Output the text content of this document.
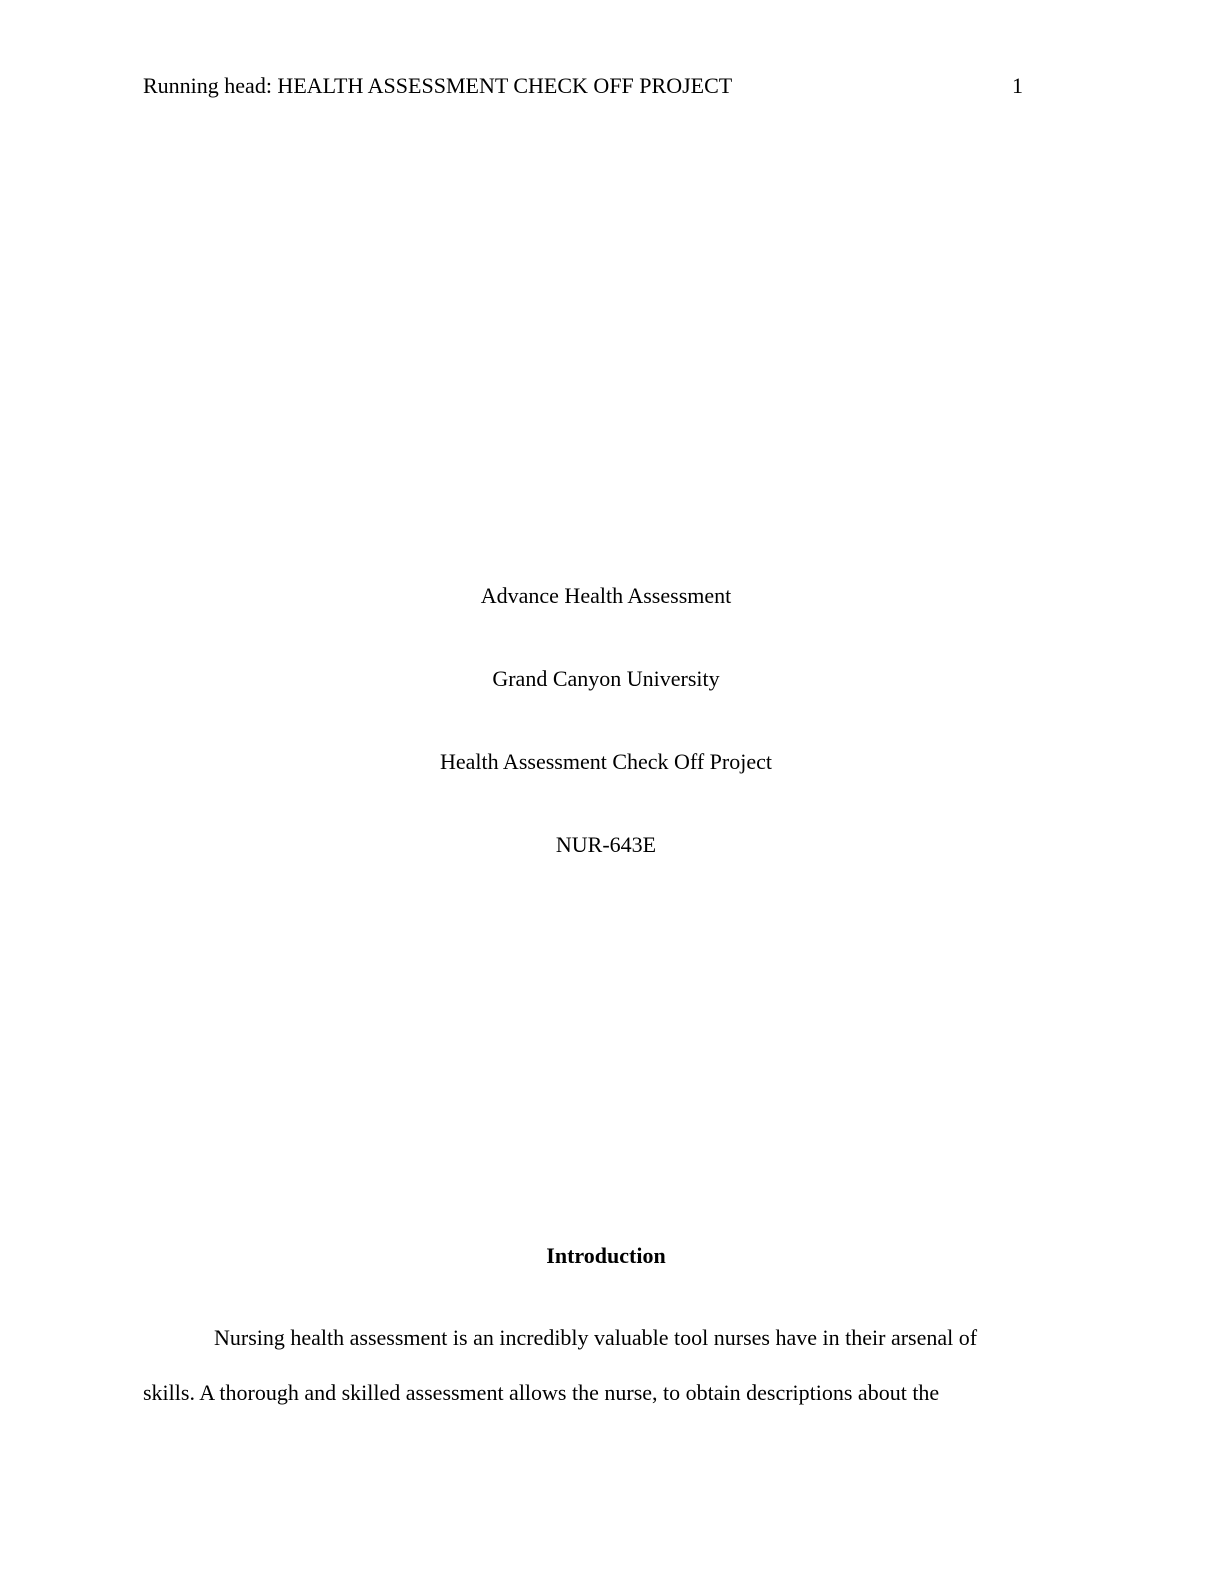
Running head: HEALTH ASSESSMENT CHECK OFF PROJECT	1

Advance Health Assessment

Grand Canyon University

Health Assessment Check Off Project

NUR-643E

Introduction
Nursing health assessment is an incredibly valuable tool nurses have in their arsenal of
skills. A thorough and skilled assessment allows the nurse, to obtain descriptions about the
